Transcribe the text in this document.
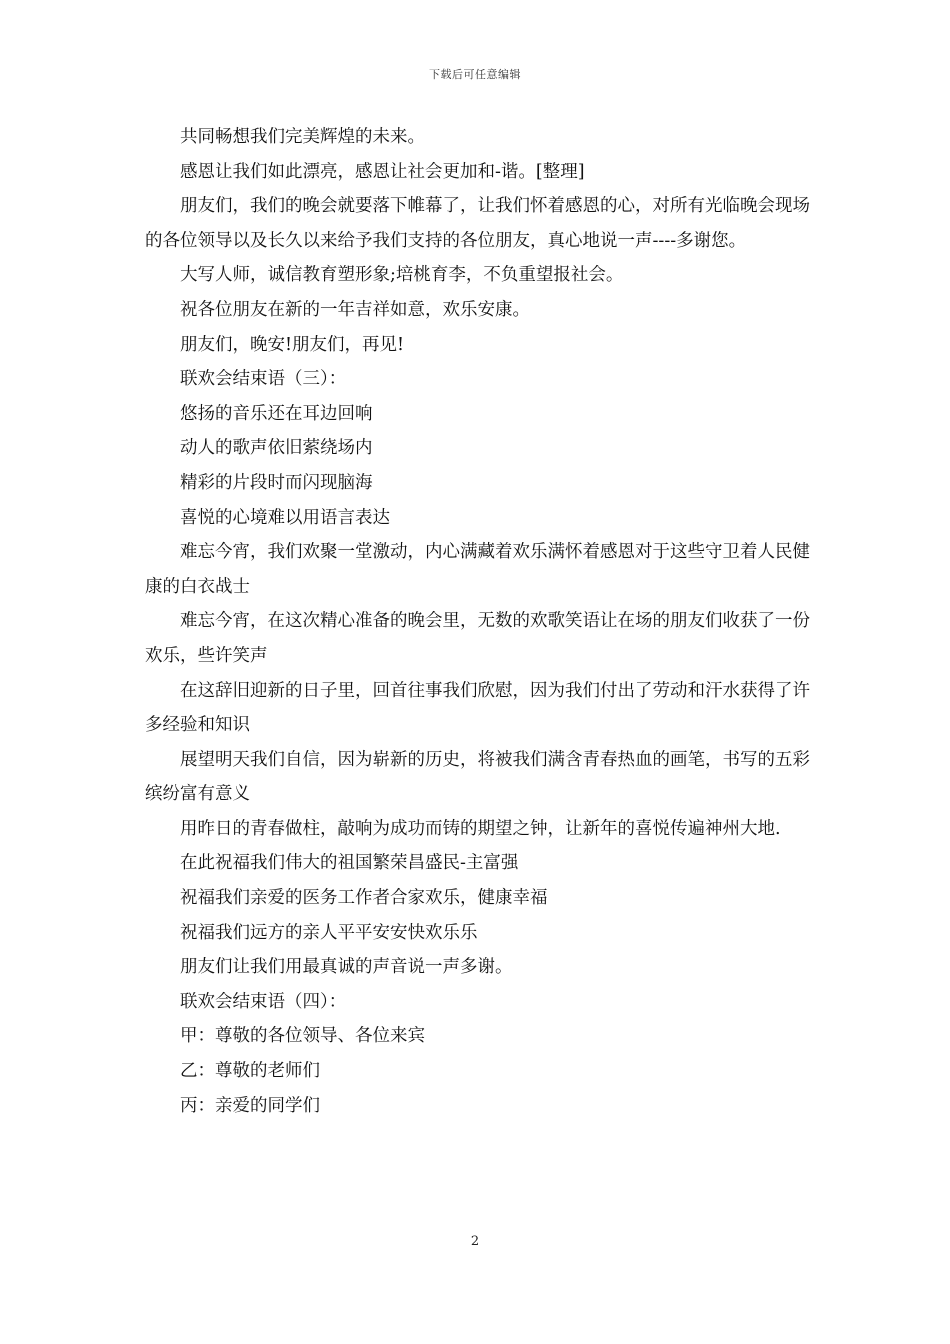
下载后可任意编辑

共同畅想我们完美辉煌的未来。

感恩让我们如此漂亮，感恩让社会更加和-谐。[整理]

朋友们，我们的晚会就要落下帷幕了，让我们怀着感恩的心，对所有光临晚会现场的各位领导以及长久以来给予我们支持的各位朋友，真心地说一声----多谢您。

大写人师，诚信教育塑形象;培桃育李，不负重望报社会。

祝各位朋友在新的一年吉祥如意，欢乐安康。

朋友们，晚安!朋友们，再见!

联欢会结束语（三）：

悠扬的音乐还在耳边回响

动人的歌声依旧萦绕场内

精彩的片段时而闪现脑海

喜悦的心境难以用语言表达

难忘今宵，我们欢聚一堂激动，内心满藏着欢乐满怀着感恩对于这些守卫着人民健康的白衣战士

难忘今宵，在这次精心准备的晚会里，无数的欢歌笑语让在场的朋友们收获了一份欢乐，些许笑声

在这辞旧迎新的日子里，回首往事我们欣慰，因为我们付出了劳动和汗水获得了许多经验和知识

展望明天我们自信，因为崭新的历史，将被我们满含青春热血的画笔，书写的五彩缤纷富有意义

用昨日的青春做柱，敲响为成功而铸的期望之钟，让新年的喜悦传遍神州大地.

在此祝福我们伟大的祖国繁荣昌盛民-主富强

祝福我们亲爱的医务工作者合家欢乐，健康幸福

祝福我们远方的亲人平平安安快欢乐乐

朋友们让我们用最真诚的声音说一声多谢。

联欢会结束语（四）：

甲：尊敬的各位领导、各位来宾

乙：尊敬的老师们

丙：亲爱的同学们

2
